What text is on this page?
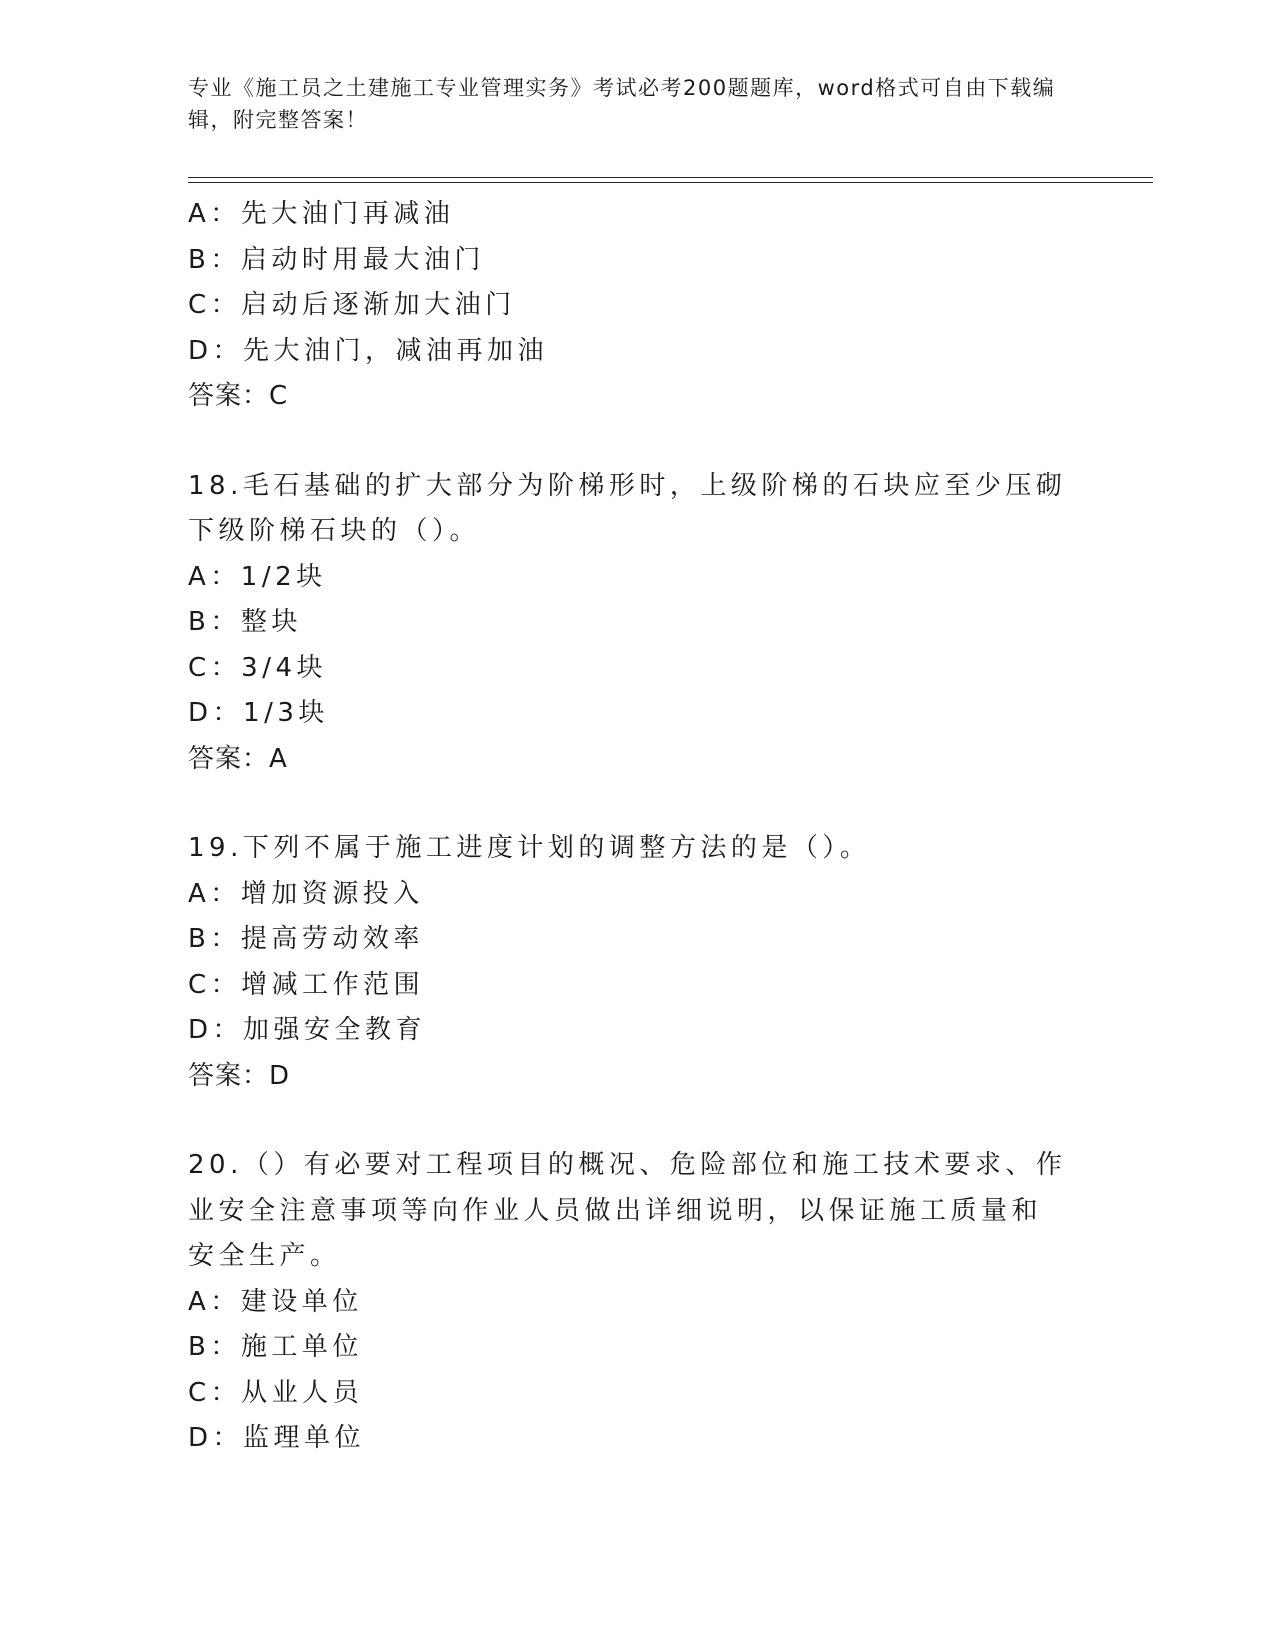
专业《施工员之土建施工专业管理实务》考试必考200题题库，word格式可自由下载编辑，附完整答案！
A：先大油门再减油
B：启动时用最大油门
C：启动后逐渐加大油门
D：先大油门，减油再加油
答案：C
18.毛石基础的扩大部分为阶梯形时，上级阶梯的石块应至少压砌下级阶梯石块的（）。
A：1/2块
B：整块
C：3/4块
D：1/3块
答案：A
19.下列不属于施工进度计划的调整方法的是（）。
A：增加资源投入
B：提高劳动效率
C：增减工作范围
D：加强安全教育
答案：D
20.（）有必要对工程项目的概况、危险部位和施工技术要求、作业安全注意事项等向作业人员做出详细说明，以保证施工质量和安全生产。
A：建设单位
B：施工单位
C：从业人员
D：监理单位
